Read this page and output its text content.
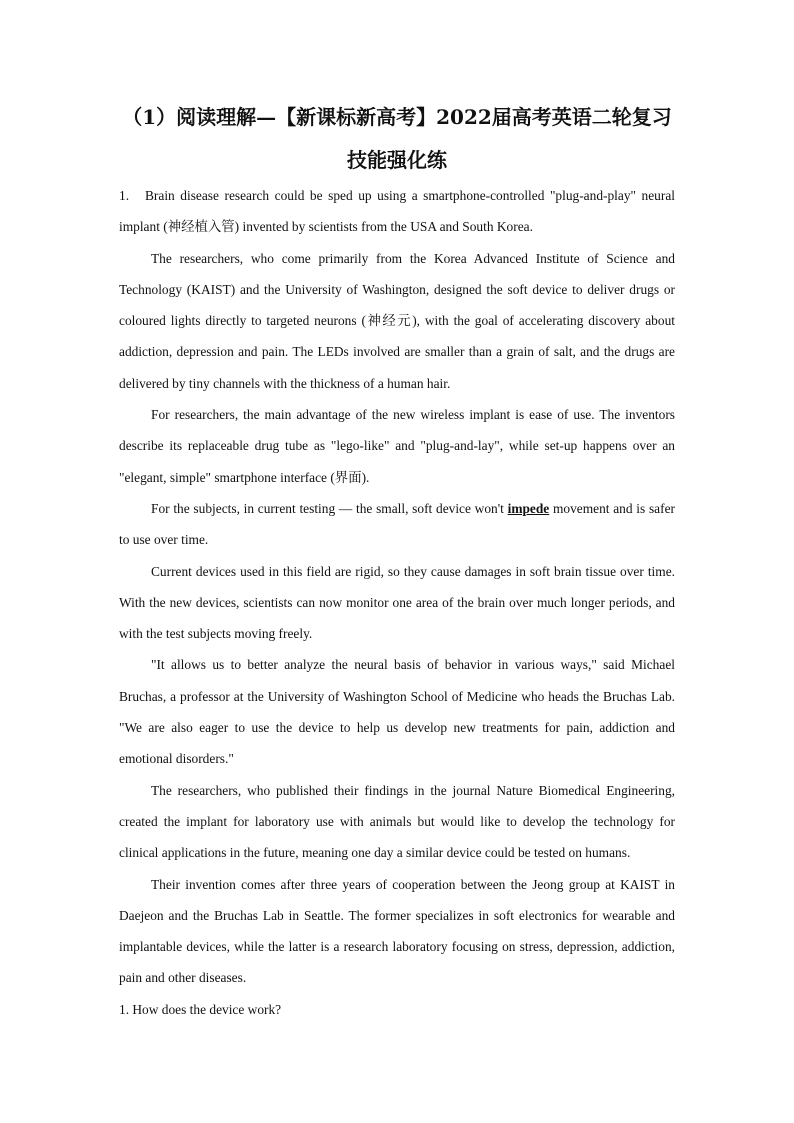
（1）阅读理解—【新课标新高考】2022届高考英语二轮复习技能强化练

1. Brain disease research could be sped up using a smartphone-controlled "plug-and-play" neural implant (神经植入管) invented by scientists from the USA and South Korea.

The researchers, who come primarily from the Korea Advanced Institute of Science and Technology (KAIST) and the University of Washington, designed the soft device to deliver drugs or coloured lights directly to targeted neurons (神经元), with the goal of accelerating discovery about addiction, depression and pain. The LEDs involved are smaller than a grain of salt, and the drugs are delivered by tiny channels with the thickness of a human hair.

For researchers, the main advantage of the new wireless implant is ease of use. The inventors describe its replaceable drug tube as "lego-like" and "plug-and-lay", while set-up happens over an "elegant, simple" smartphone interface (界面).

For the subjects, in current testing — the small, soft device won't impede movement and is safer to use over time.

Current devices used in this field are rigid, so they cause damages in soft brain tissue over time. With the new devices, scientists can now monitor one area of the brain over much longer periods, and with the test subjects moving freely.

"It allows us to better analyze the neural basis of behavior in various ways," said Michael Bruchas, a professor at the University of Washington School of Medicine who heads the Bruchas Lab. "We are also eager to use the device to help us develop new treatments for pain, addiction and emotional disorders."

The researchers, who published their findings in the journal Nature Biomedical Engineering, created the implant for laboratory use with animals but would like to develop the technology for clinical applications in the future, meaning one day a similar device could be tested on humans.

Their invention comes after three years of cooperation between the Jeong group at KAIST in Daejeon and the Bruchas Lab in Seattle. The former specializes in soft electronics for wearable and implantable devices, while the latter is a research laboratory focusing on stress, depression, addiction, pain and other diseases.

1. How does the device work?
